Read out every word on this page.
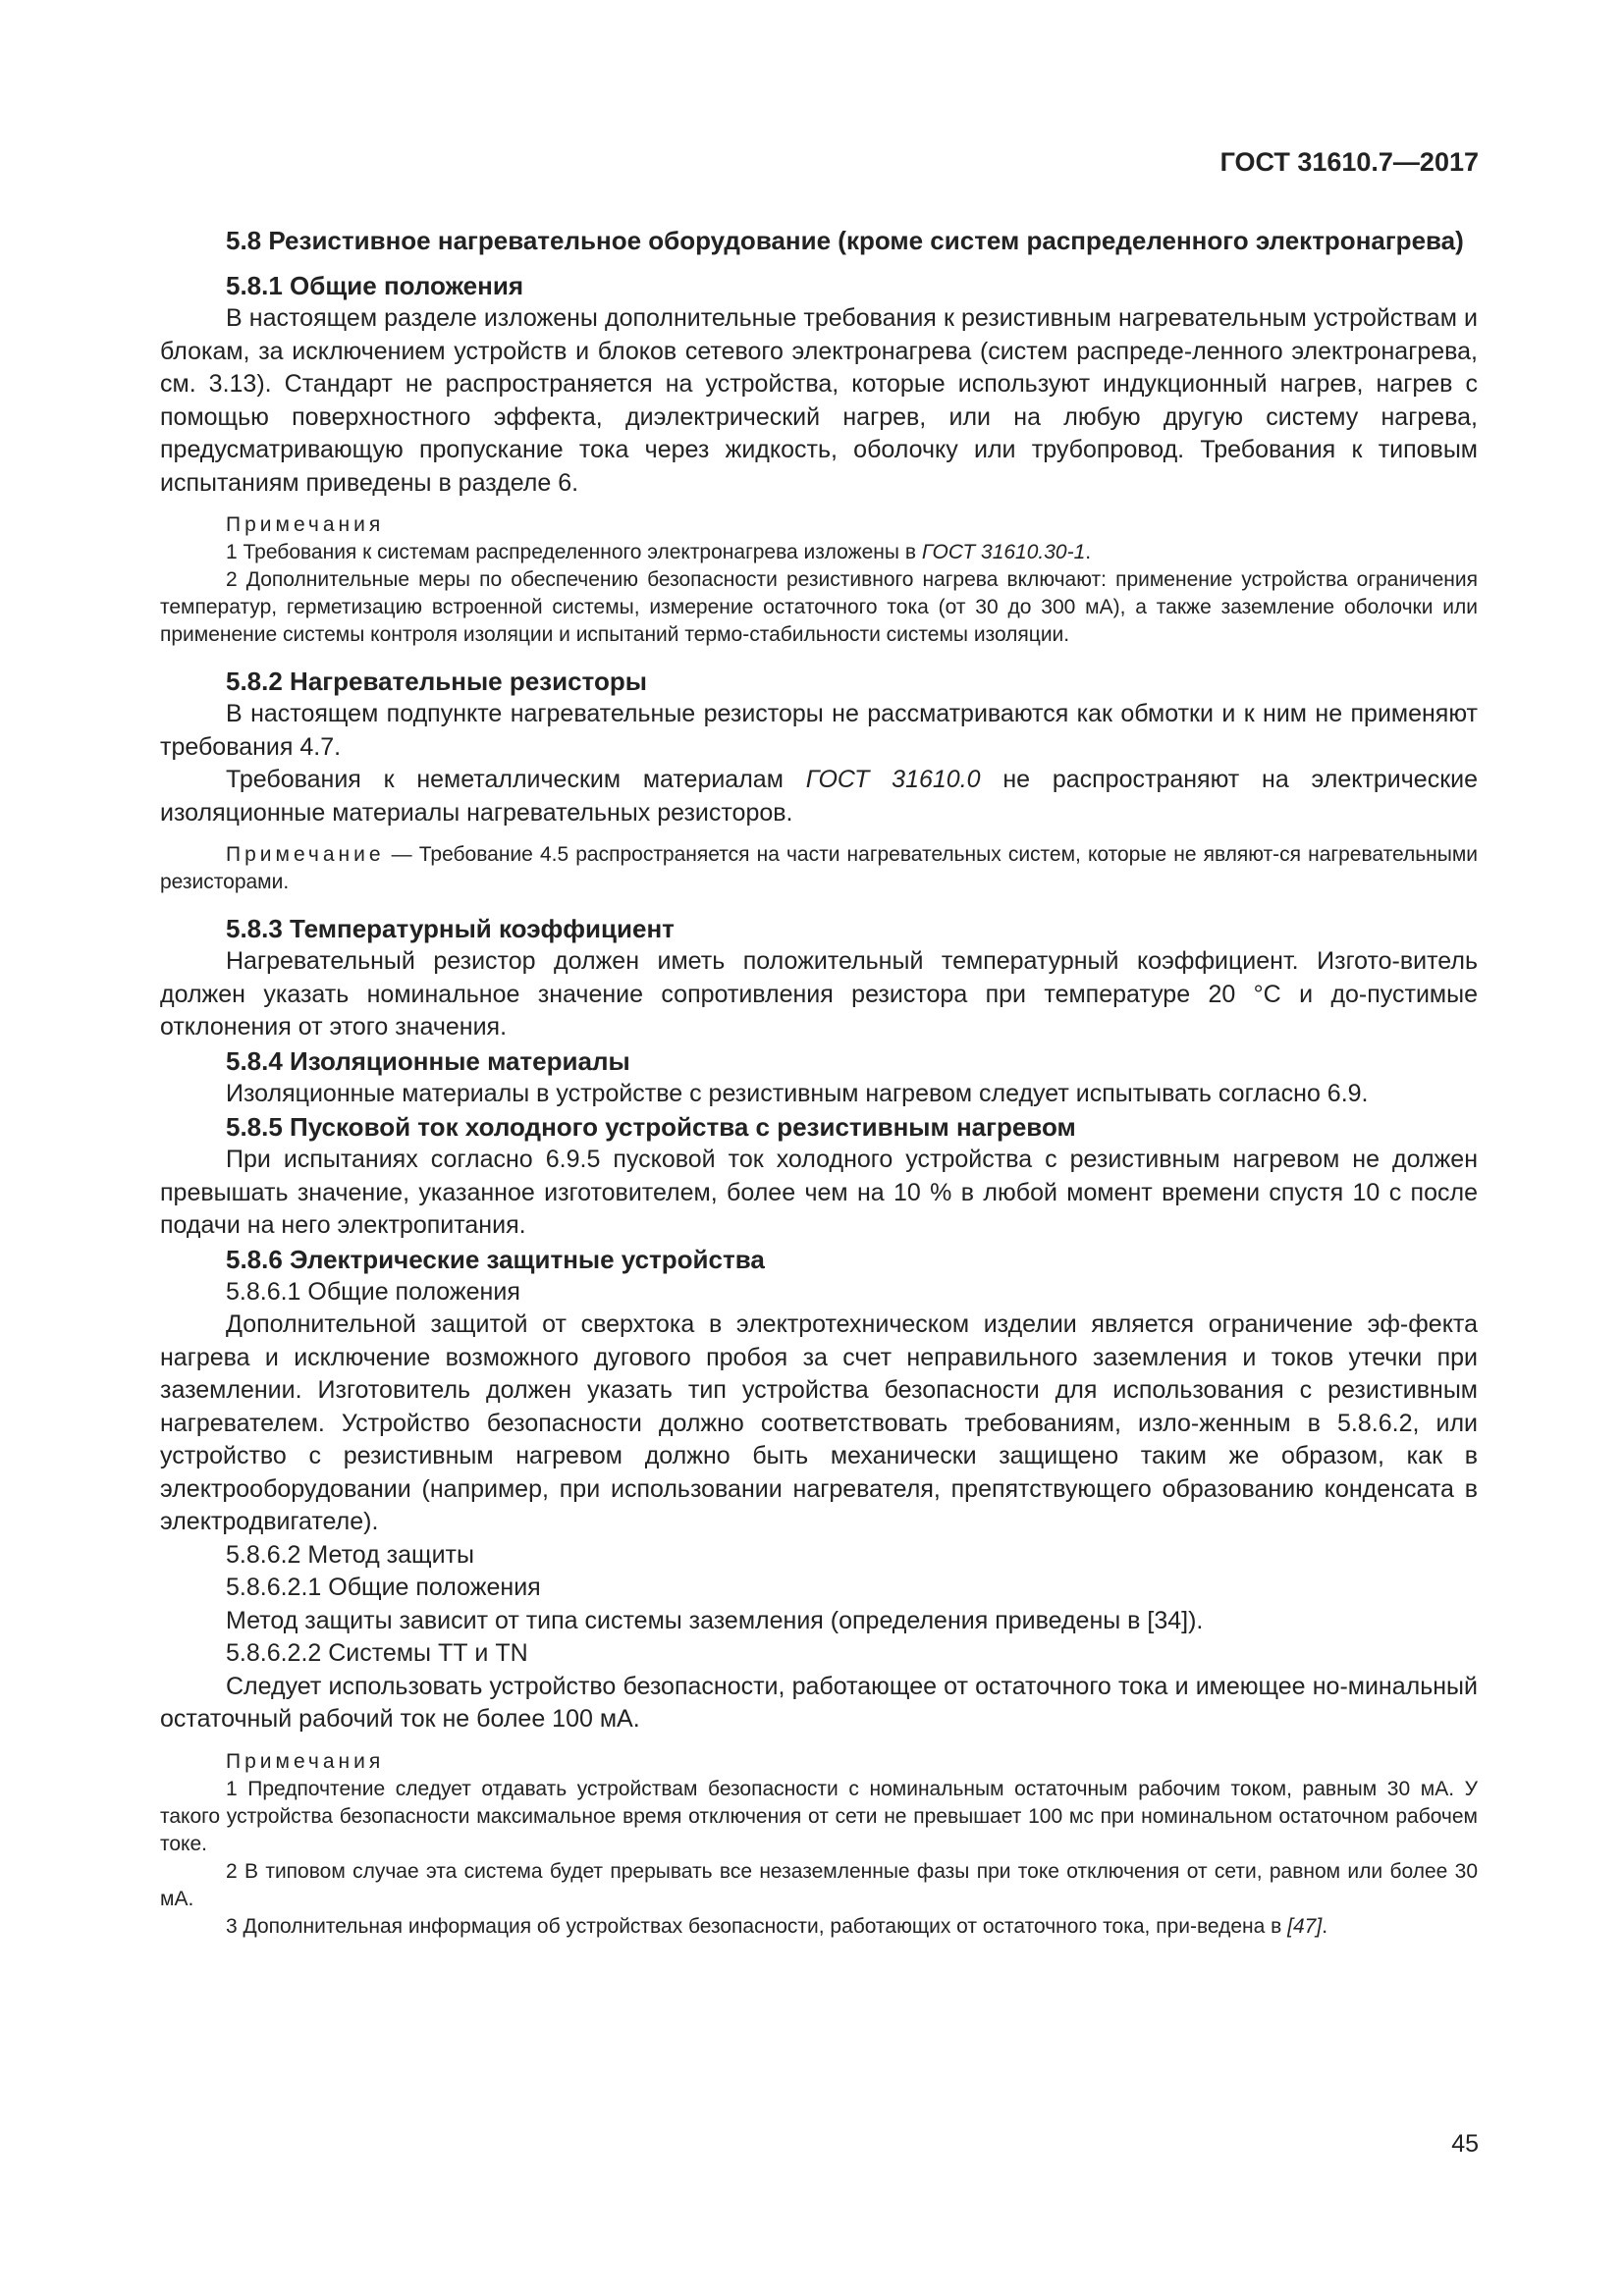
ГОСТ 31610.7—2017

5.8 Резистивное нагревательное оборудование (кроме систем распределенного электронагрева)

5.8.1 Общие положения

В настоящем разделе изложены дополнительные требования к резистивным нагревательным устройствам и блокам, за исключением устройств и блоков сетевого электронагрева (систем распреде-ленного электронагрева, см. 3.13). Стандарт не распространяется на устройства, которые используют индукционный нагрев, нагрев с помощью поверхностного эффекта, диэлектрический нагрев, или на любую другую систему нагрева, предусматривающую пропускание тока через жидкость, оболочку или трубопровод. Требования к типовым испытаниям приведены в разделе 6.

Примечания

1 Требования к системам распределенного электронагрева изложены в ГОСТ 31610.30-1.

2 Дополнительные меры по обеспечению безопасности резистивного нагрева включают: применение устройства ограничения температур, герметизацию встроенной системы, измерение остаточного тока (от 30 до 300 мА), а также заземление оболочки или применение системы контроля изоляции и испытаний термо-стабильности системы изоляции.

5.8.2 Нагревательные резисторы

В настоящем подпункте нагревательные резисторы не рассматриваются как обмотки и к ним не применяют требования 4.7.

Требования к неметаллическим материалам ГОСТ 31610.0 не распространяют на электрические изоляционные материалы нагревательных резисторов.

Примечание — Требование 4.5 распространяется на части нагревательных систем, которые не являют-ся нагревательными резисторами.

5.8.3 Температурный коэффициент

Нагревательный резистор должен иметь положительный температурный коэффициент. Изгото-витель должен указать номинальное значение сопротивления резистора при температуре 20 °С и до-пустимые отклонения от этого значения.

5.8.4 Изоляционные материалы

Изоляционные материалы в устройстве с резистивным нагревом следует испытывать согласно 6.9.

5.8.5 Пусковой ток холодного устройства с резистивным нагревом

При испытаниях согласно 6.9.5 пусковой ток холодного устройства с резистивным нагревом не должен превышать значение, указанное изготовителем, более чем на 10 % в любой момент времени спустя 10 с после подачи на него электропитания.

5.8.6 Электрические защитные устройства

5.8.6.1 Общие положения

Дополнительной защитой от сверхтока в электротехническом изделии является ограничение эф-фекта нагрева и исключение возможного дугового пробоя за счет неправильного заземления и токов утечки при заземлении. Изготовитель должен указать тип устройства безопасности для использования с резистивным нагревателем. Устройство безопасности должно соответствовать требованиям, изло-женным в 5.8.6.2, или устройство с резистивным нагревом должно быть механически защищено таким же образом, как в электрооборудовании (например, при использовании нагревателя, препятствующего образованию конденсата в электродвигателе).

5.8.6.2 Метод защиты

5.8.6.2.1 Общие положения

Метод защиты зависит от типа системы заземления (определения приведены в [34]).

5.8.6.2.2 Системы ТТ и TN

Следует использовать устройство безопасности, работающее от остаточного тока и имеющее но-минальный остаточный рабочий ток не более 100 мА.

Примечания

1 Предпочтение следует отдавать устройствам безопасности с номинальным остаточным рабочим током, равным 30 мА. У такого устройства безопасности максимальное время отключения от сети не превышает 100 мс при номинальном остаточном рабочем токе.

2 В типовом случае эта система будет прерывать все незаземленные фазы при токе отключения от сети, равном или более 30 мА.

3 Дополнительная информация об устройствах безопасности, работающих от остаточного тока, при-ведена в [47].

45
